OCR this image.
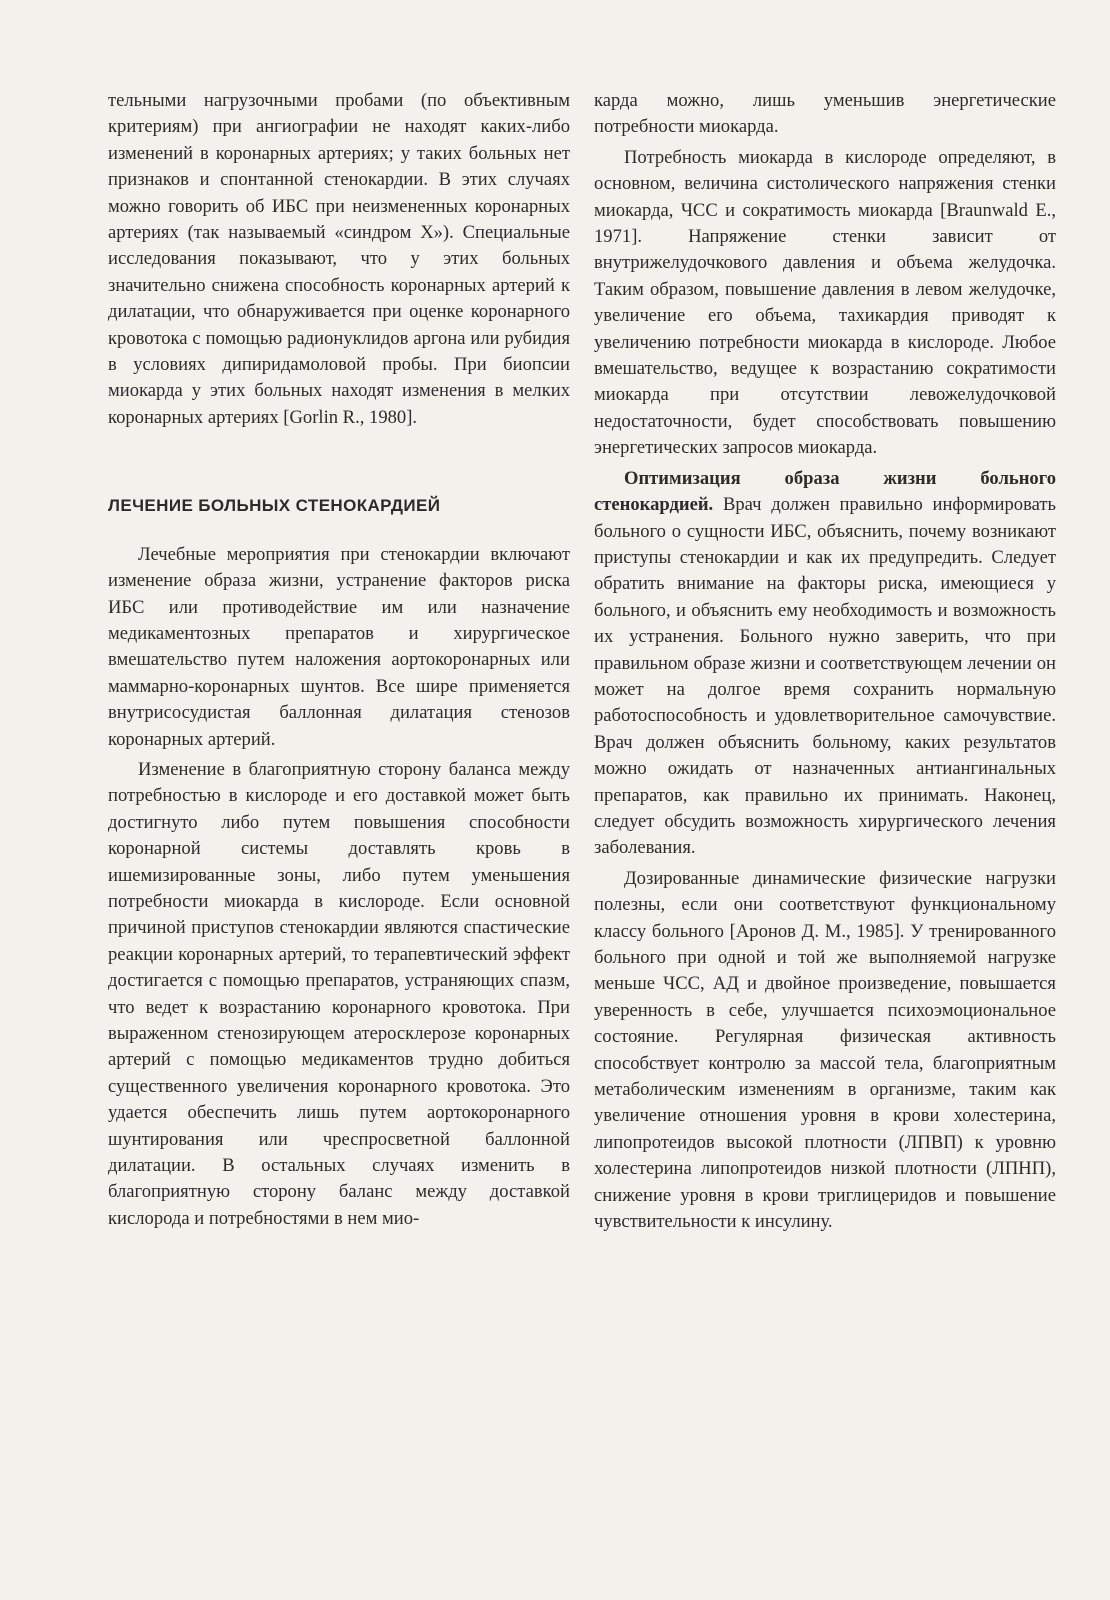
тельными нагрузочными пробами (по объективным критериям) при ангиографии не находят каких-либо изменений в коронарных артериях; у таких больных нет признаков и спонтанной стенокардии. В этих случаях можно говорить об ИБС при неизмененных коронарных артериях (так называемый «синдром Х»). Специальные исследования показывают, что у этих больных значительно снижена способность коронарных артерий к дилатации, что обнаруживается при оценке коронарного кровотока с помощью радионуклидов аргона или рубидия в условиях дипиридамоловой пробы. При биопсии миокарда у этих больных находят изменения в мелких коронарных артериях [Gorlin R., 1980].

ЛЕЧЕНИЕ БОЛЬНЫХ СТЕНОКАРДИЕЙ

Лечебные мероприятия при стенокардии включают изменение образа жизни, устранение факторов риска ИБС или противодействие им или назначение медикаментозных препаратов и хирургическое вмешательство путем наложения аортокоронарных или маммарно-коронарных шунтов. Все шире применяется внутрисосудистая баллонная дилатация стенозов коронарных артерий.

Изменение в благоприятную сторону баланса между потребностью в кислороде и его доставкой может быть достигнуто либо путем повышения способности коронарной системы доставлять кровь в ишемизированные зоны, либо путем уменьшения потребности миокарда в кислороде. Если основной причиной приступов стенокардии являются спастические реакции коронарных артерий, то терапевтический эффект достигается с помощью препаратов, устраняющих спазм, что ведет к возрастанию коронарного кровотока. При выраженном стенозирующем атеросклерозе коронарных артерий с помощью медикаментов трудно добиться существенного увеличения коронарного кровотока. Это удается обеспечить лишь путем аортокоронарного шунтирования или чреспросветной баллонной дилатации. В остальных случаях изменить в благоприятную сторону баланс между доставкой кислорода и потребностями в нем мио-

карда можно, лишь уменьшив энергетические потребности миокарда.

Потребность миокарда в кислороде определяют, в основном, величина систолического напряжения стенки миокарда, ЧСС и сократимость миокарда [Braunwald E., 1971]. Напряжение стенки зависит от внутрижелудочкового давления и объема желудочка. Таким образом, повышение давления в левом желудочке, увеличение его объема, тахикардия приводят к увеличению потребности миокарда в кислороде. Любое вмешательство, ведущее к возрастанию сократимости миокарда при отсутствии левожелудочковой недостаточности, будет способствовать повышению энергетических запросов миокарда.

Оптимизация образа жизни больного стенокардией. Врач должен правильно информировать больного о сущности ИБС, объяснить, почему возникают приступы стенокардии и как их предупредить. Следует обратить внимание на факторы риска, имеющиеся у больного, и объяснить ему необходимость и возможность их устранения. Больного нужно заверить, что при правильном образе жизни и соответствующем лечении он может на долгое время сохранить нормальную работоспособность и удовлетворительное самочувствие. Врач должен объяснить больному, каких результатов можно ожидать от назначенных антиангинальных препаратов, как правильно их принимать. Наконец, следует обсудить возможность хирургического лечения заболевания.

Дозированные динамические физические нагрузки полезны, если они соответствуют функциональному классу больного [Аронов Д. М., 1985]. У тренированного больного при одной и той же выполняемой нагрузке меньше ЧСС, АД и двойное произведение, повышается уверенность в себе, улучшается психоэмоциональное состояние. Регулярная физическая активность способствует контролю за массой тела, благоприятным метаболическим изменениям в организме, таким как увеличение отношения уровня в крови холестерина, липопротеидов высокой плотности (ЛПВП) к уровню холестерина липопротеидов низкой плотности (ЛПНП), снижение уровня в крови триглицеридов и повышение чувствительности к инсулину.
